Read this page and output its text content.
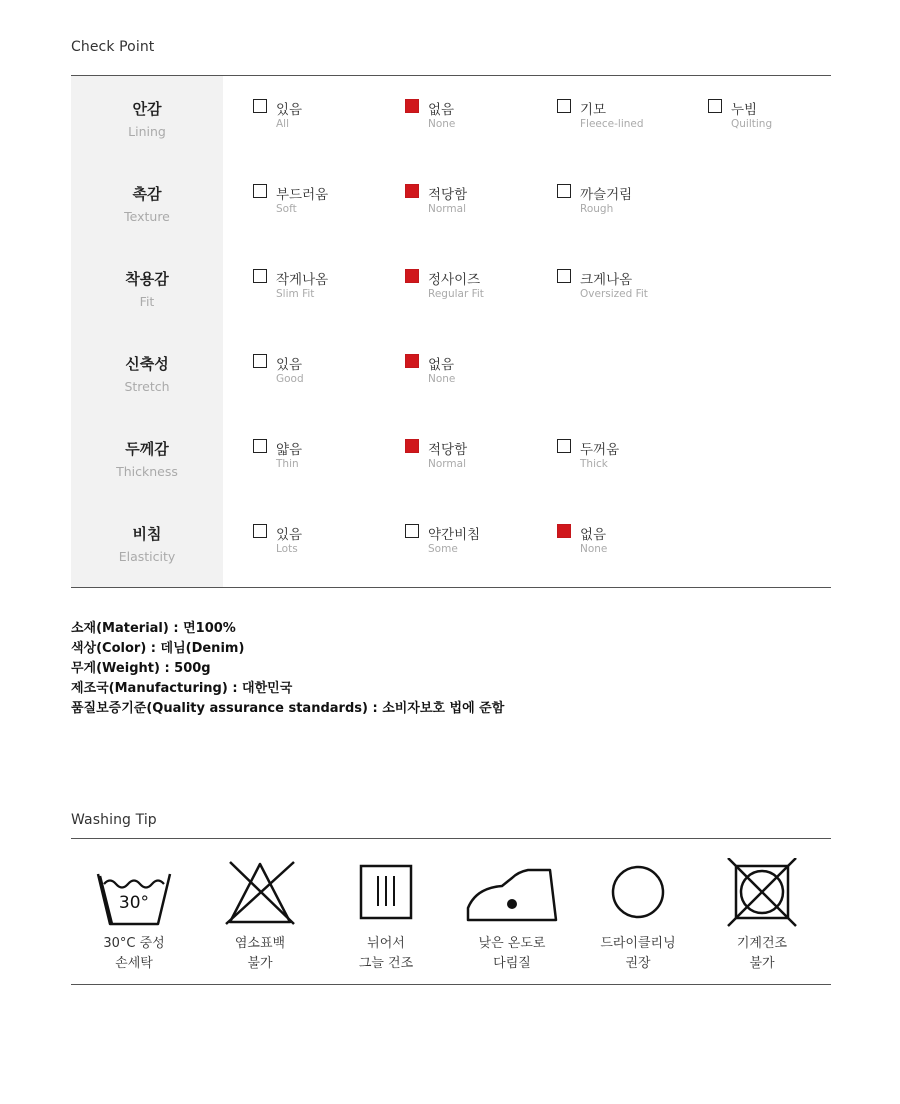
Check Point
안감
Lining
있음
All
없음
None
기모
Fleece-lined
누빔
Quilting
촉감
Texture
부드러움
Soft
적당함
Normal
까슬거림
Rough
착용감
Fit
작게나옴
Slim Fit
정사이즈
Regular Fit
크게나옴
Oversized Fit
신축성
Stretch
있음
Good
없음
None
두께감
Thickness
얇음
Thin
적당함
Normal
두꺼움
Thick
비침
Elasticity
있음
Lots
약간비침
Some
없음
None
소재(Material) : 면100%
색상(Color) : 데님(Denim)
무게(Weight) : 500g
제조국(Manufacturing) : 대한민국
품질보증기준(Quality assurance standards) : 소비자보호 법에 준함
Washing Tip
30°
30°C 중성
손세탁
염소표백
불가
뉘어서
그늘 건조
낮은 온도로
다림질
드라이클리닝
권장
기계건조
불가
